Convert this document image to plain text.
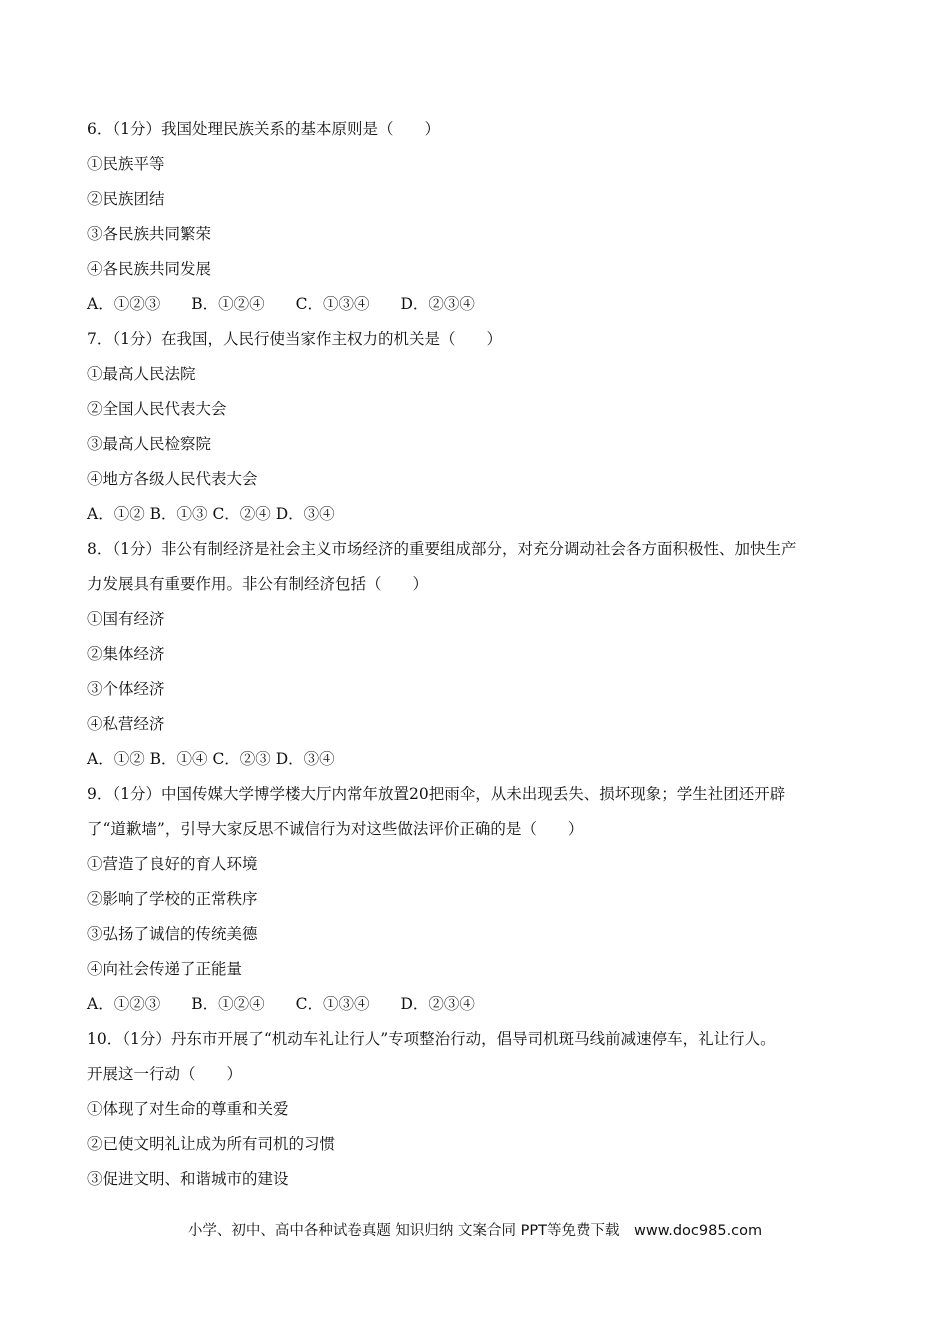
6．（1分）我国处理民族关系的基本原则是（　　）
①民族平等
②民族团结
③各民族共同繁荣
④各民族共同发展
A．①②③　　B．①②④　　C．①③④　　D．②③④
7．（1分）在我国，人民行使当家作主权力的机关是（　　）
①最高人民法院
②全国人民代表大会
③最高人民检察院
④地方各级人民代表大会
A．①② B．①③ C．②④ D．③④
8．（1分）非公有制经济是社会主义市场经济的重要组成部分，对充分调动社会各方面积极性、加快生产
力发展具有重要作用。非公有制经济包括（　　）
①国有经济
②集体经济
③个体经济
④私营经济
A．①② B．①④ C．②③ D．③④
9．（1分）中国传媒大学博学楼大厅内常年放置20把雨伞，从未出现丢失、损坏现象；学生社团还开辟
了“道歉墙”，引导大家反思不诚信行为对这些做法评价正确的是（　　）
①营造了良好的育人环境
②影响了学校的正常秩序
③弘扬了诚信的传统美德
④向社会传递了正能量
A．①②③　　B．①②④　　C．①③④　　D．②③④
10．（1分）丹东市开展了“机动车礼让行人”专项整治行动，倡导司机斑马线前减速停车，礼让行人。
开展这一行动（　　）
①体现了对生命的尊重和关爱
②已使文明礼让成为所有司机的习惯
③促进文明、和谐城市的建设
小学、初中、高中各种试卷真题 知识归纳 文案合同 PPT等免费下载　www.doc985.com
